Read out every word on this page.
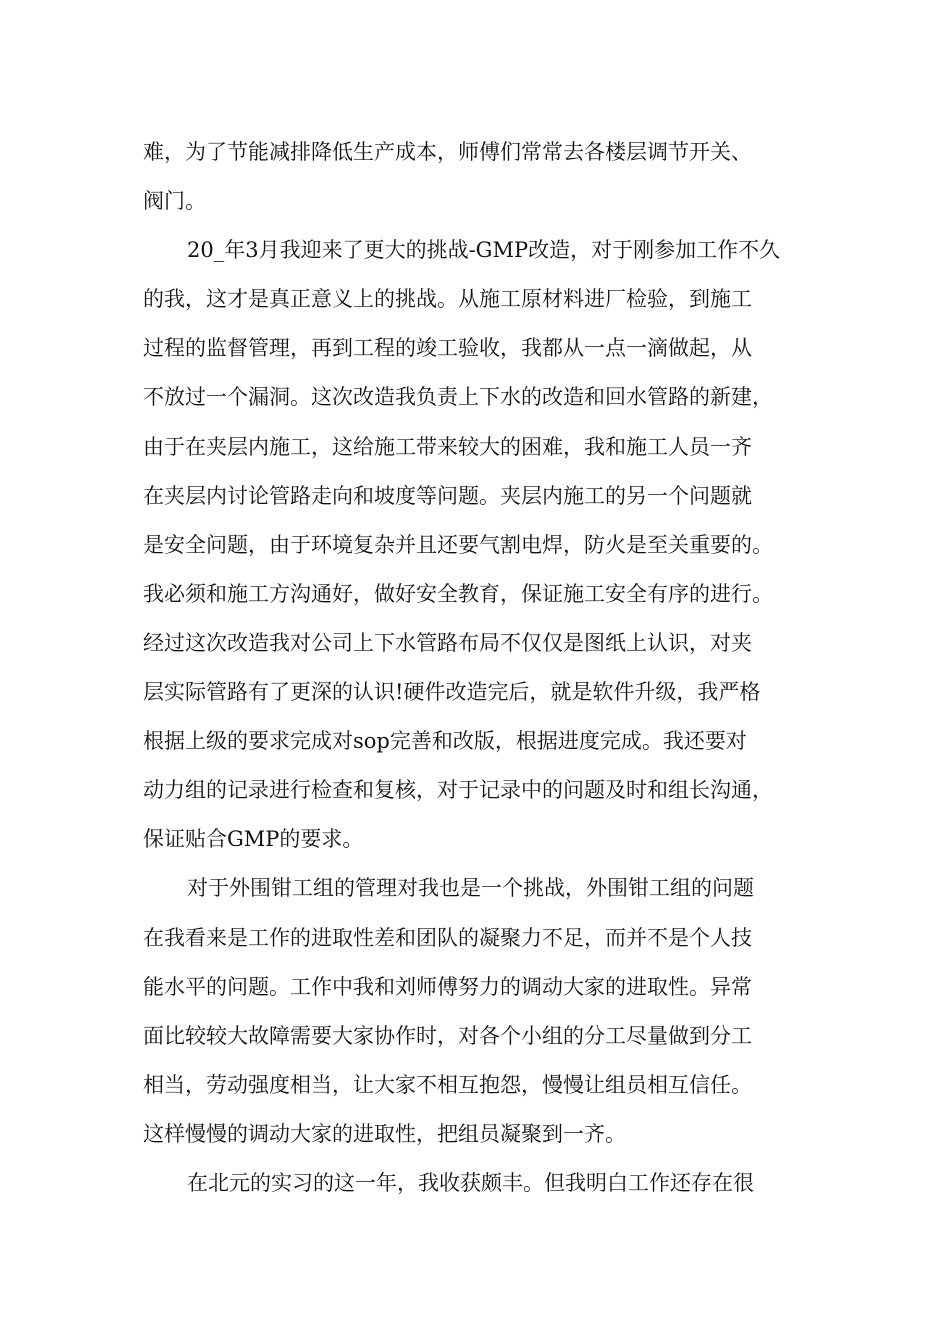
难，为了节能减排降低生产成本，师傅们常常去各楼层调节开关、
阀门。
20_年3月我迎来了更大的挑战-GMP改造，对于刚参加工作不久
的我，这才是真正意义上的挑战。从施工原材料进厂检验，到施工
过程的监督管理，再到工程的竣工验收，我都从一点一滴做起，从
不放过一个漏洞。这次改造我负责上下水的改造和回水管路的新建，
由于在夹层内施工，这给施工带来较大的困难，我和施工人员一齐
在夹层内讨论管路走向和坡度等问题。夹层内施工的另一个问题就
是安全问题，由于环境复杂并且还要气割电焊，防火是至关重要的。
我必须和施工方沟通好，做好安全教育，保证施工安全有序的进行。
经过这次改造我对公司上下水管路布局不仅仅是图纸上认识，对夹
层实际管路有了更深的认识!硬件改造完后，就是软件升级，我严格
根据上级的要求完成对sop完善和改版，根据进度完成。我还要对
动力组的记录进行检查和复核，对于记录中的问题及时和组长沟通，
保证贴合GMP的要求。
对于外围钳工组的管理对我也是一个挑战，外围钳工组的问题
在我看来是工作的进取性差和团队的凝聚力不足，而并不是个人技
能水平的问题。工作中我和刘师傅努力的调动大家的进取性。异常
面比较较大故障需要大家协作时，对各个小组的分工尽量做到分工
相当，劳动强度相当，让大家不相互抱怨，慢慢让组员相互信任。
这样慢慢的调动大家的进取性，把组员凝聚到一齐。
在北元的实习的这一年，我收获颇丰。但我明白工作还存在很
